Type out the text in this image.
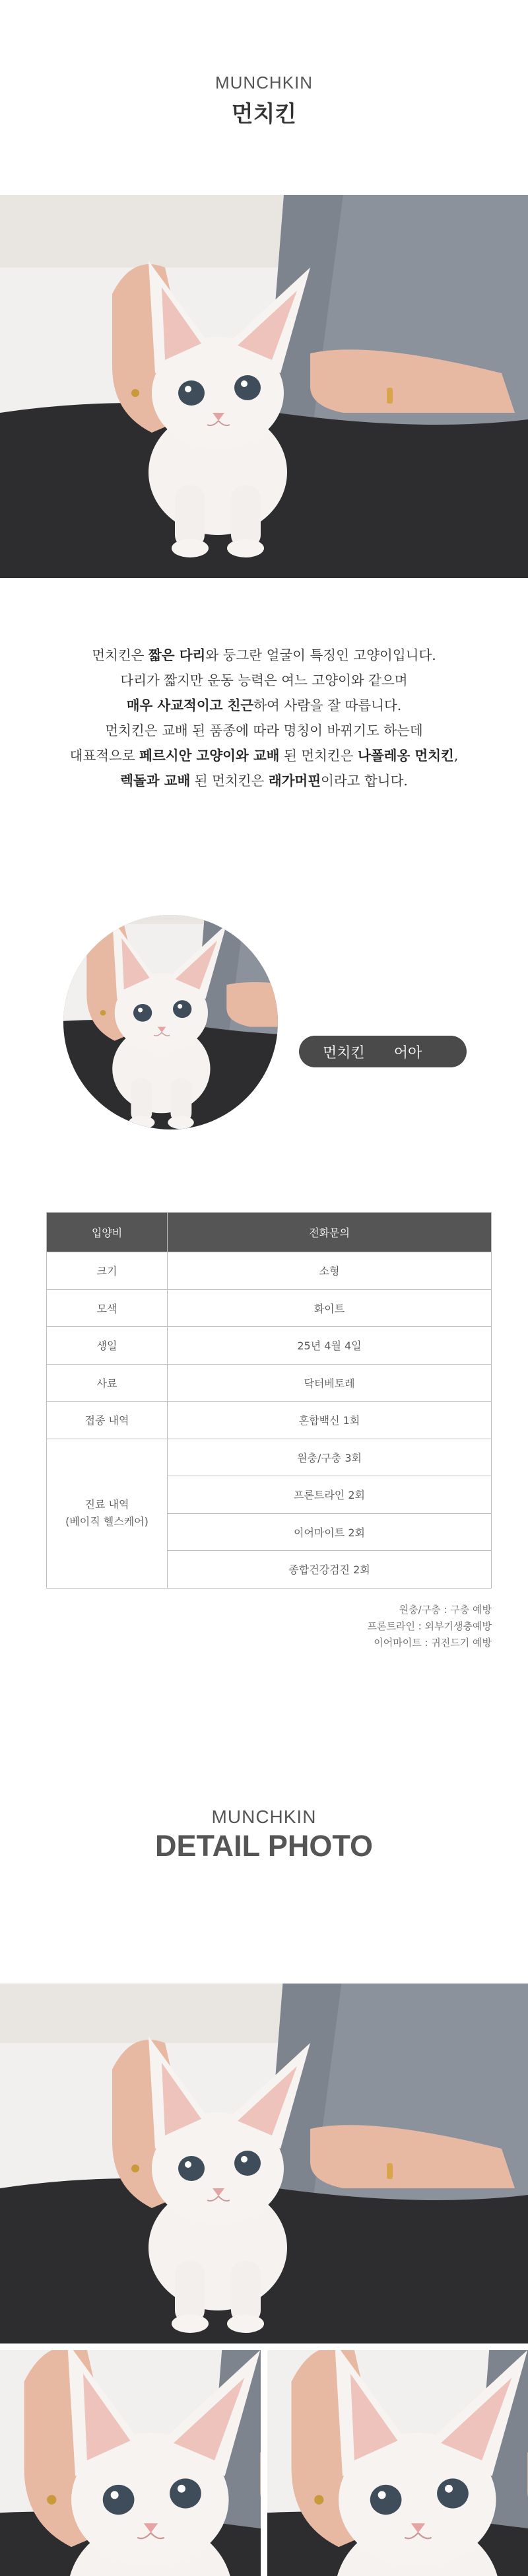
MUNCHKIN
먼치킨
먼치킨은 짧은 다리와 둥그란 얼굴이 특징인 고양이입니다.
다리가 짧지만 운동 능력은 여느 고양이와 같으며
매우 사교적이고 친근하여 사람을 잘 따릅니다.
먼치킨은 교배 된 품종에 따라 명칭이 바뀌기도 하는데
대표적으로 페르시안 고양이와 교배 된 먼치킨은 나폴레옹 먼치킨,
렉돌과 교배 된 먼치킨은 래가머핀이라고 합니다.
먼치킨 어아
입양비	전화문의
크기	소형
모색	화이트
생일	25년 4월 4일
사료	닥터베토레
접종 내역	혼합백신 1회

진료 내역
(베이직 헬스케어)	원충/구충 3회
	프론트라인 2회
	이어마이트 2회
	종합건강검진 2회
원충/구충 : 구충 예방
프론트라인 : 외부기생충예방
이어마이트 : 귀진드기 예방
MUNCHKIN
DETAIL PHOTO
